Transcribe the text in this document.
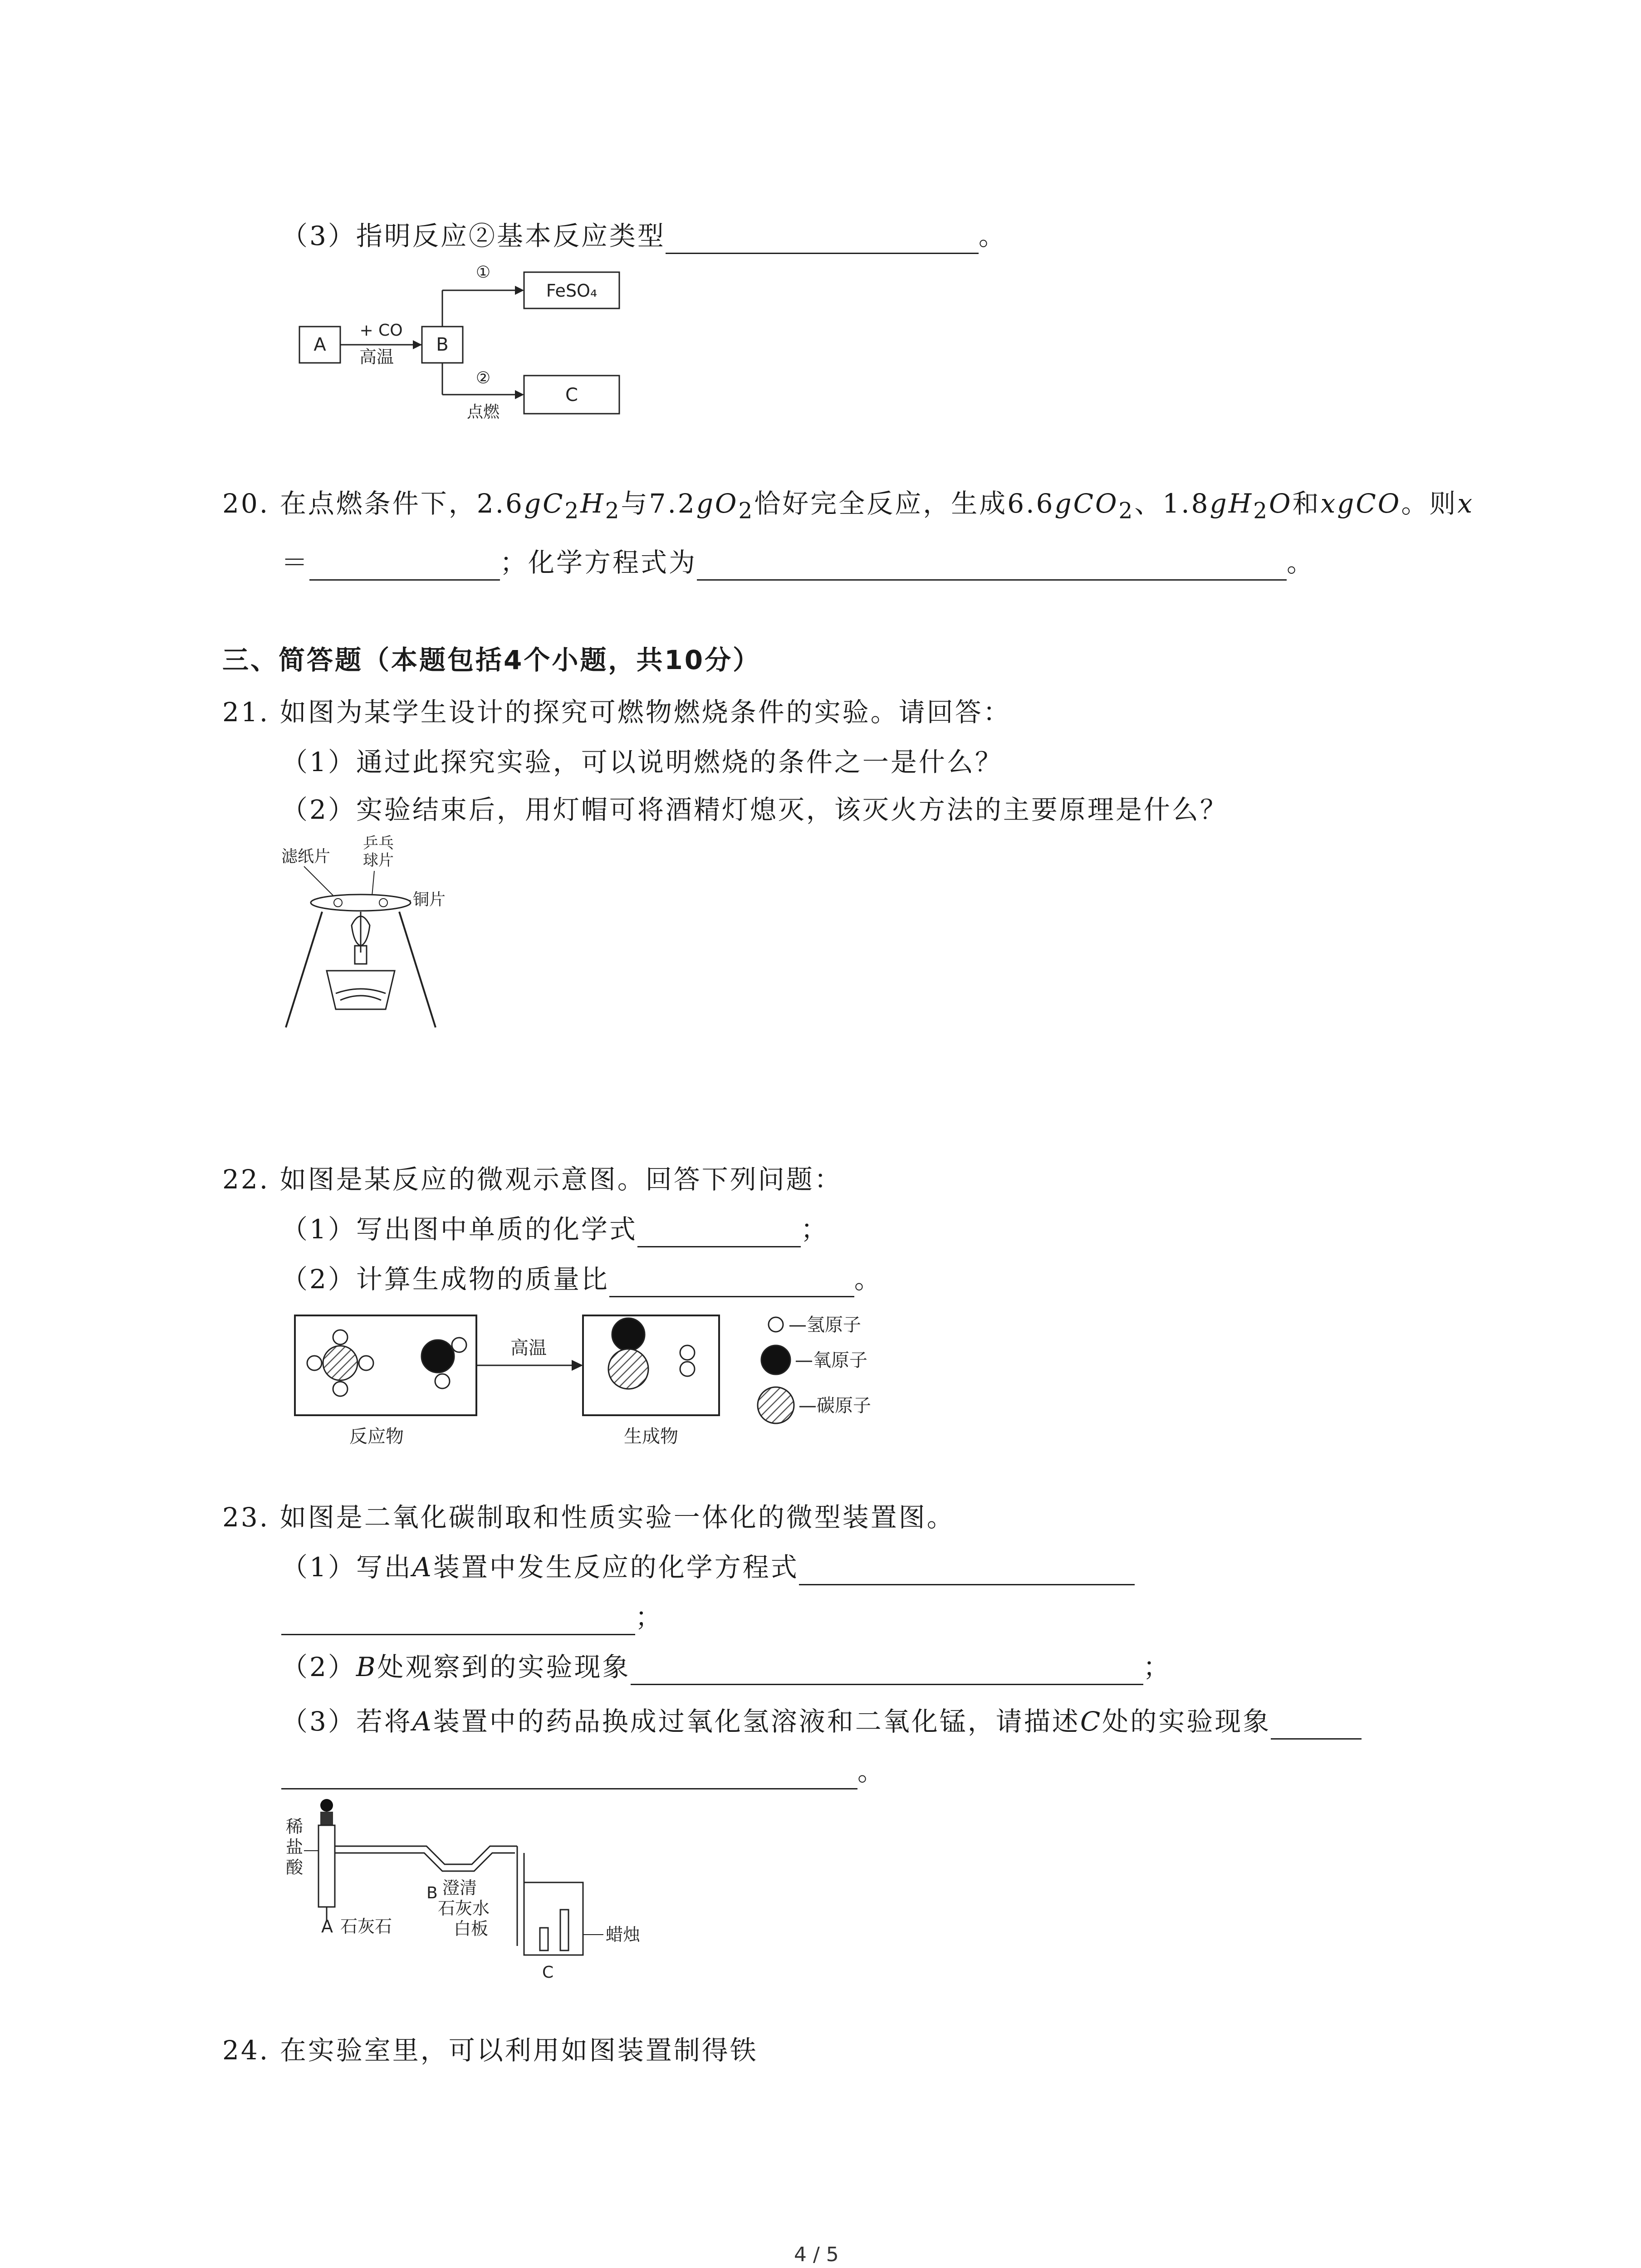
（3）指明反应②基本反应类型	。
A
+ CO
高温
B
①
FeSO₄
②
点燃
C
20. 在点燃条件下，$2.6gC_2H_2$与$7.2gO_2$恰好完全反应，生成6.6gCO$_2$、$1.8gH_2O$和xgCO。则x
＝	；化学方程式为	。
三、简答题（本题包括4个小题，共10分）
21. 如图为某学生设计的探究可燃物燃烧条件的实验。请回答：
（1）通过此探究实验，可以说明燃烧的条件之一是什么？
（2）实验结束后，用灯帽可将酒精灯熄灭，该灭火方法的主要原理是什么？
滤纸片
乒乓
球片
铜片
22. 如图是某反应的微观示意图。回答下列问题：
（1）写出图中单质的化学式	；
（2）计算生成物的质量比	。
高温
反应物	生成物
—氢原子
—氧原子
—碳原子
23. 如图是二氧化碳制取和性质实验一体化的微型装置图。
（1）写出A装置中发生反应的化学方程式
；
（2）B处观察到的实验现象	；
（3）若将A装置中的药品换成过氧化氢溶液和二氧化锰，请描述C处的实验现象
。
稀
盐
酸
A 石灰石
B 澄清
石灰水
白板	蜡烛
C
24. 在实验室里，可以利用如图装置制得铁
4 / 5
